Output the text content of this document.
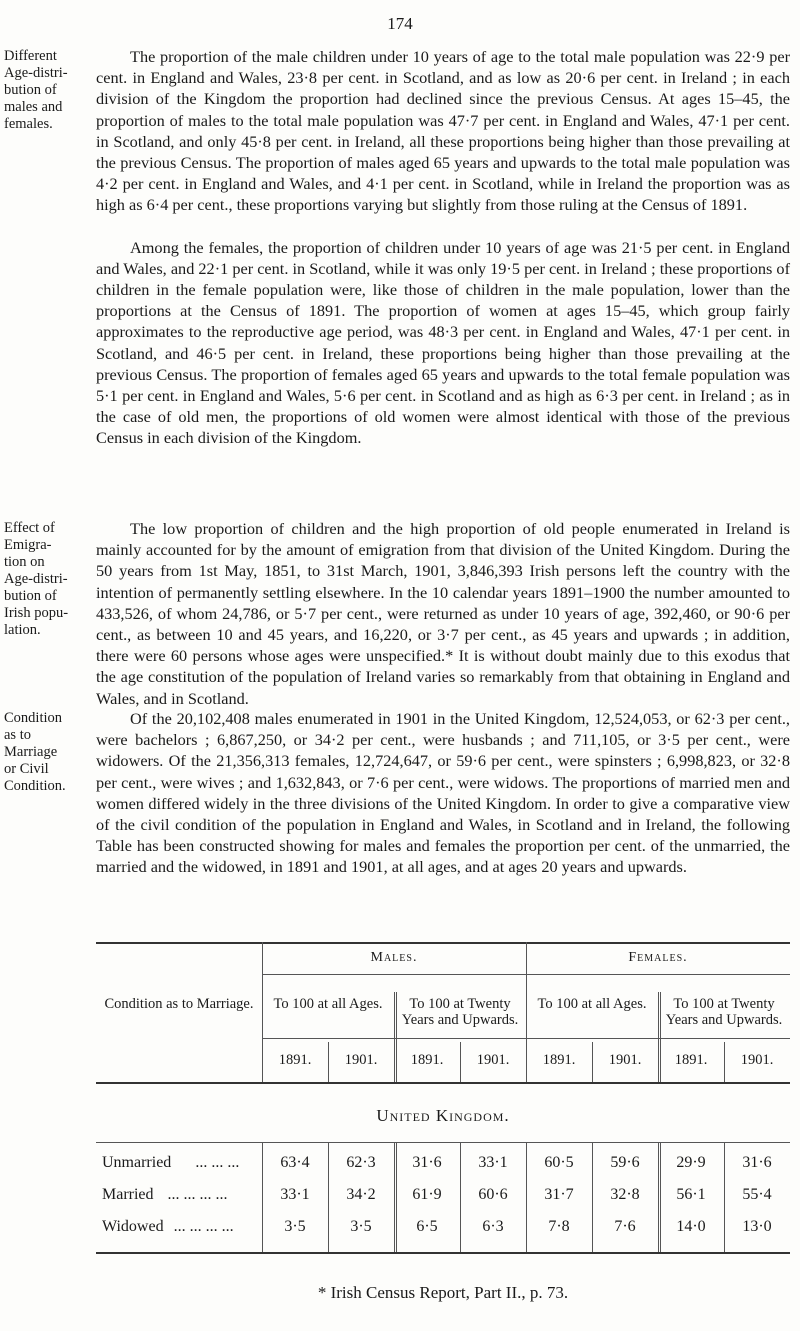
174
Different
Age-distri-
bution of
males and
females.

The proportion of the male children under 10 years of age to the total male population was 22·9 per cent. in England and Wales, 23·8 per cent. in Scotland, and as low as 20·6 per cent. in Ireland ; in each division of the Kingdom the proportion had declined since the previous Census. At ages 15–45, the proportion of males to the total male population was 47·7 per cent. in England and Wales, 47·1 per cent. in Scotland, and only 45·8 per cent. in Ireland, all these proportions being higher than those prevailing at the previous Census. The proportion of males aged 65 years and upwards to the total male population was 4·2 per cent. in England and Wales, and 4·1 per cent. in Scotland, while in Ireland the proportion was as high as 6·4 per cent., these proportions varying but slightly from those ruling at the Census of 1891.

Among the females, the proportion of children under 10 years of age was 21·5 per cent. in England and Wales, and 22·1 per cent. in Scotland, while it was only 19·5 per cent. in Ireland ; these proportions of children in the female population were, like those of children in the male population, lower than the proportions at the Census of 1891. The proportion of women at ages 15–45, which group fairly approximates to the reproductive age period, was 48·3 per cent. in England and Wales, 47·1 per cent. in Scotland, and 46·5 per cent. in Ireland, these proportions being higher than those prevailing at the previous Census. The proportion of females aged 65 years and upwards to the total female population was 5·1 per cent. in England and Wales, 5·6 per cent. in Scotland and as high as 6·3 per cent. in Ireland ; as in the case of old men, the proportions of old women were almost identical with those of the previous Census in each division of the Kingdom.

Effect of
Emigra-
tion on
Age-distri-
bution of
Irish popu-
lation.

The low proportion of children and the high proportion of old people enumerated in Ireland is mainly accounted for by the amount of emigration from that division of the United Kingdom. During the 50 years from 1st May, 1851, to 31st March, 1901, 3,846,393 Irish persons left the country with the intention of permanently settling elsewhere. In the 10 calendar years 1891–1900 the number amounted to 433,526, of whom 24,786, or 5·7 per cent., were returned as under 10 years of age, 392,460, or 90·6 per cent., as between 10 and 45 years, and 16,220, or 3·7 per cent., as 45 years and upwards ; in addition, there were 60 persons whose ages were unspecified.* It is without doubt mainly due to this exodus that the age constitution of the population of Ireland varies so remarkably from that obtaining in England and Wales, and in Scotland.

Condition
as to
Marriage
or Civil
Condition.

Of the 20,102,408 males enumerated in 1901 in the United Kingdom, 12,524,053, or 62·3 per cent., were bachelors ; 6,867,250, or 34·2 per cent., were husbands ; and 711,105, or 3·5 per cent., were widowers. Of the 21,356,313 females, 12,724,647, or 59·6 per cent., were spinsters ; 6,998,823, or 32·8 per cent., were wives ; and 1,632,843, or 7·6 per cent., were widows. The proportions of married men and women differed widely in the three divisions of the United Kingdom. In order to give a comparative view of the civil condition of the population in England and Wales, in Scotland and in Ireland, the following Table has been constructed showing for males and females the proportion per cent. of the unmarried, the married and the widowed, in 1891 and 1901, at all ages, and at ages 20 years and upwards.

Males.	Females.
Condition as to Marriage.	To 100 at all Ages.	To 100 at Twenty Years and Upwards.
To 100 at all Ages.	To 100 at Twenty Years and Upwards.
1891.	1901.	1891.	1901.	1891.	1901.	1891.	1901.
United Kingdom.
Unmarried ... ... ...	63·4	62·3	31·6	33·1	60·5	59·6	29·9	31·6
Married ... ... ... ...	33·1	34·2	61·9	60·6	31·7	32·8	56·1	55·4
Widowed ... ... ... ...	3·5	3·5	6·5	6·3	7·8	7·6	14·0	13·0
* Irish Census Report, Part II., p. 73.
